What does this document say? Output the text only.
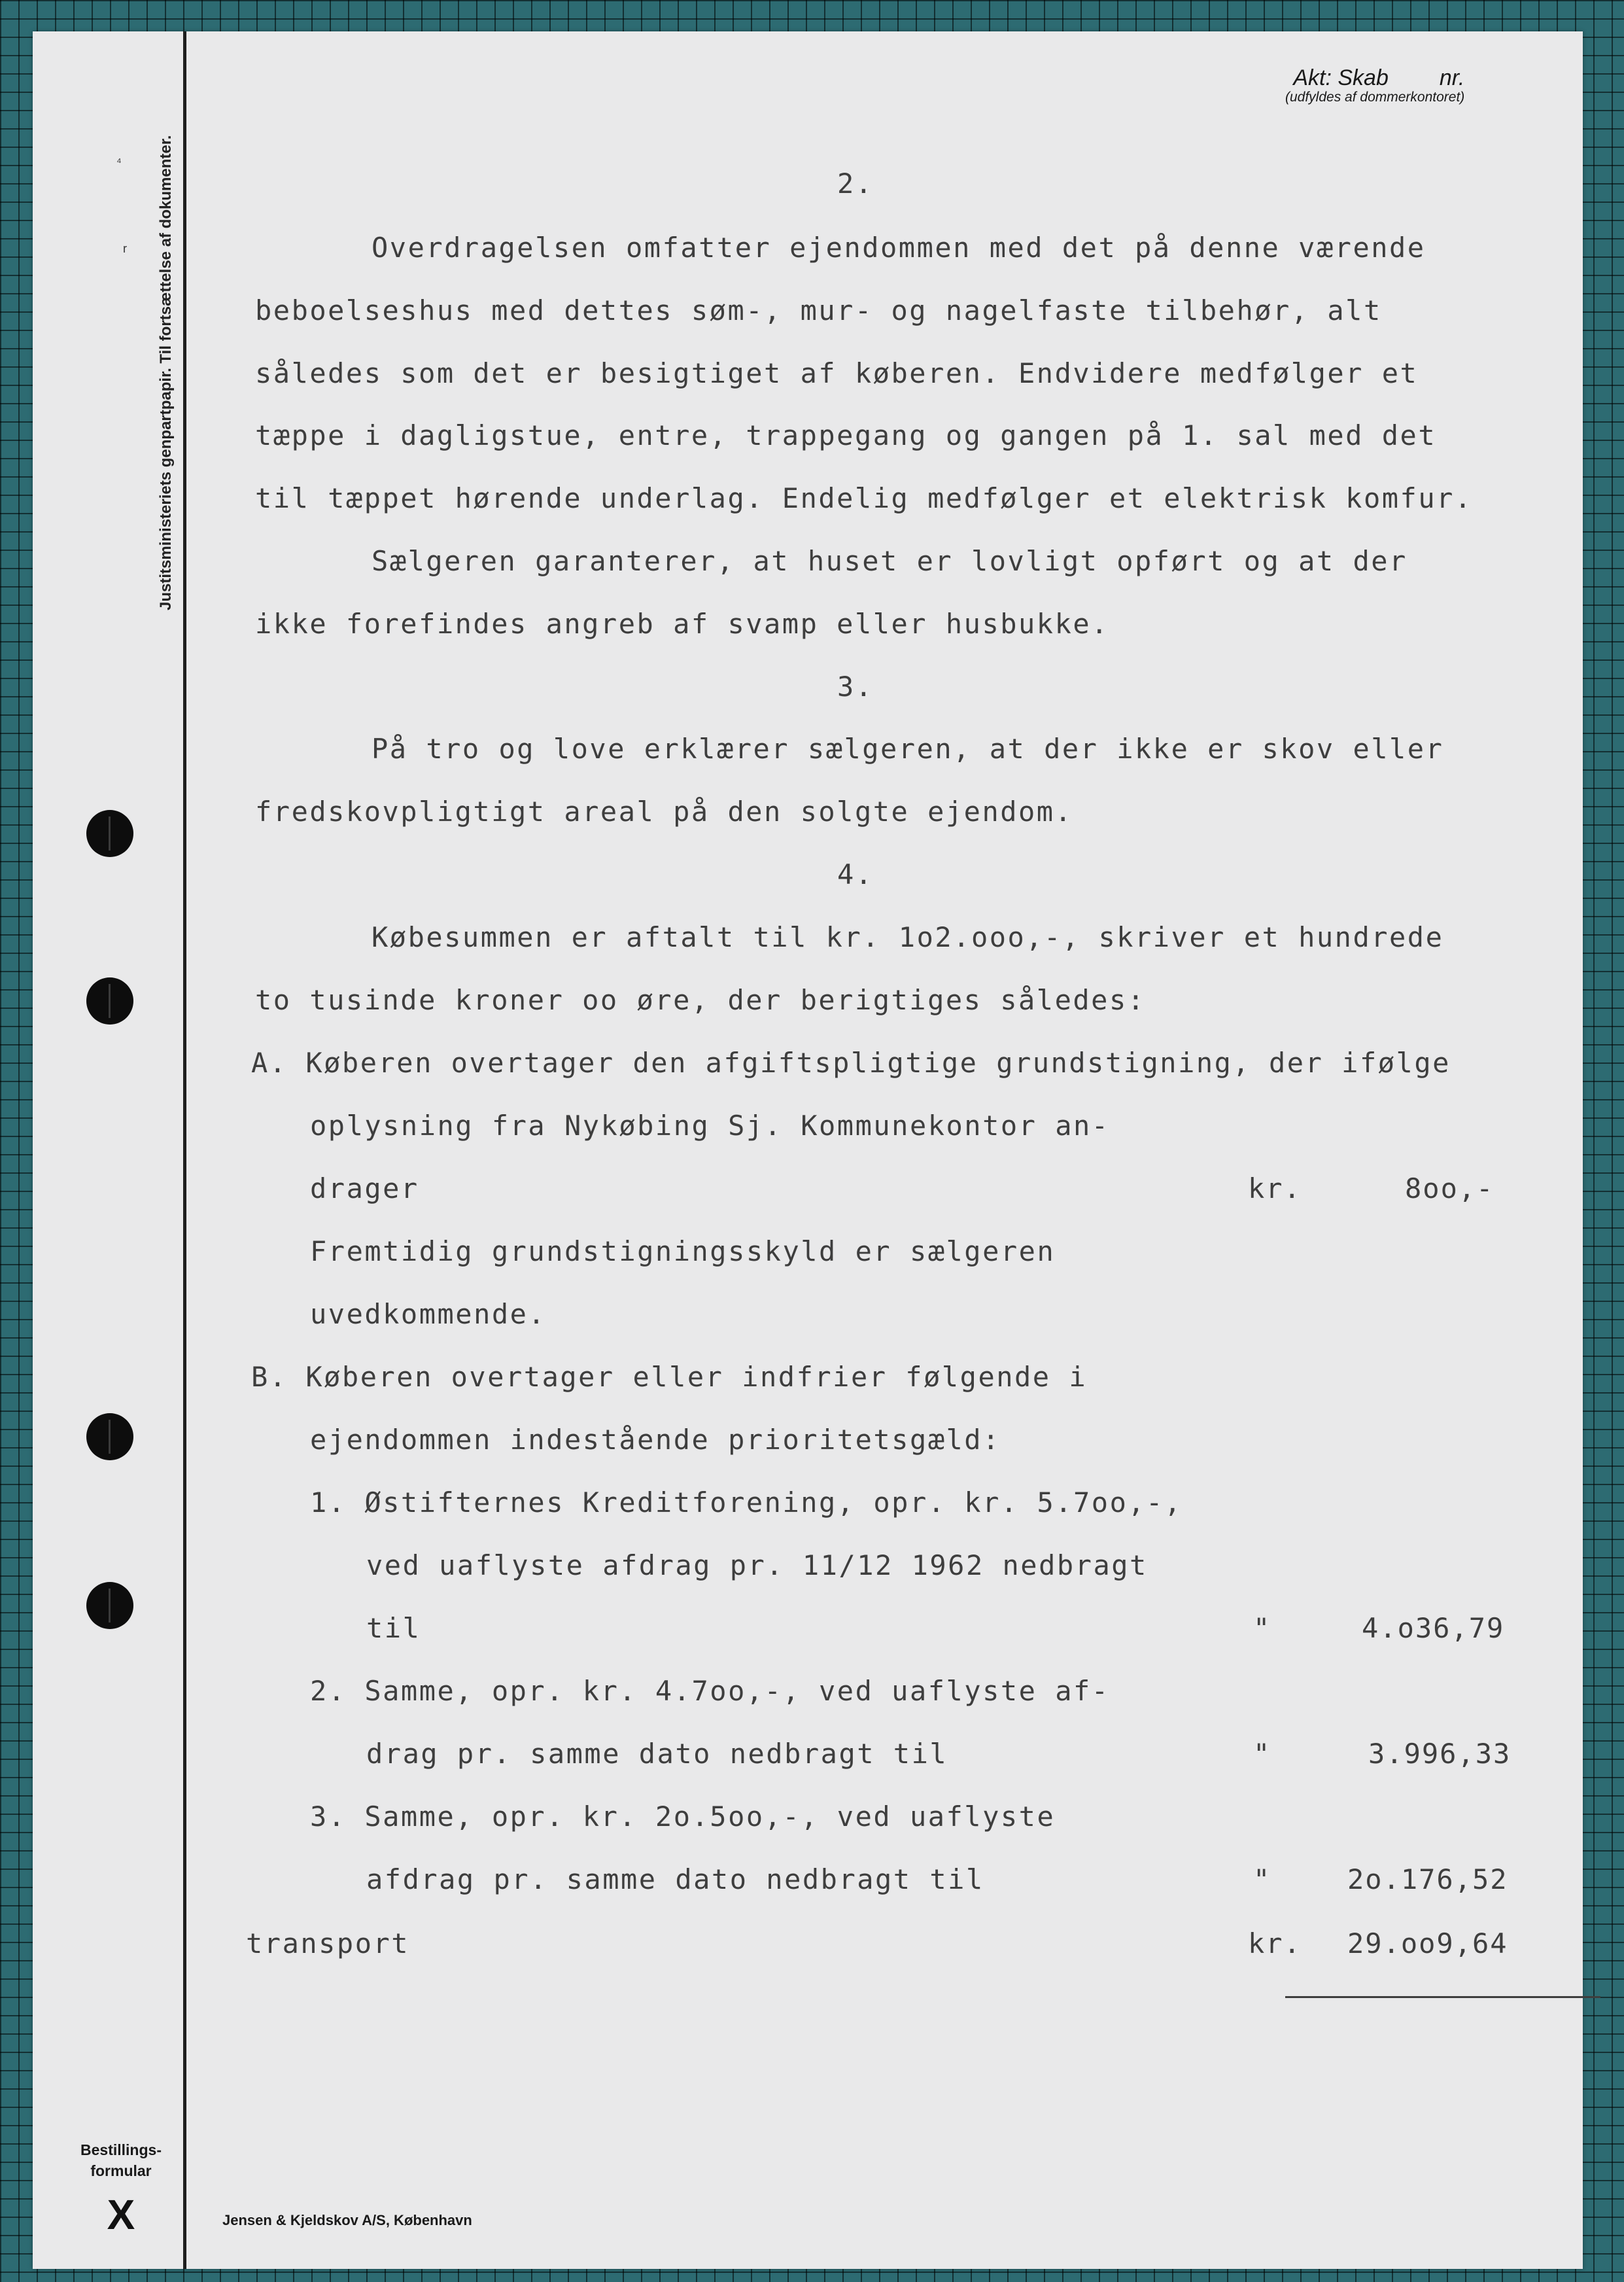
Justitsministeriets genpartpapir. Til fortsættelse af dokumenter.
r
⁴
Akt: Skab nr.
(udfyldes af dommerkontoret)
Bestillings-
formular
X	Jensen & Kjeldskov A/S, København
2.
Overdragelsen omfatter ejendommen med det på denne værende
beboelseshus med dettes søm-, mur- og nagelfaste tilbehør, alt
således som det er besigtiget af køberen. Endvidere medfølger et
tæppe i dagligstue, entre, trappegang og gangen på 1. sal med det
til tæppet hørende underlag. Endelig medfølger et elektrisk komfur.
Sælgeren garanterer, at huset er lovligt opført og at der
ikke forefindes angreb af svamp eller husbukke.
3.
På tro og love erklærer sælgeren, at der ikke er skov eller
fredskovpligtigt areal på den solgte ejendom.
4.
Købesummen er aftalt til kr. 1o2.ooo,-, skriver et hundrede
to tusinde kroner oo øre, der berigtiges således:
A. Køberen overtager den afgiftspligtige grundstigning, der ifølge
oplysning fra Nykøbing Sj. Kommunekontor an-
drager	kr.	8oo,-
Fremtidig grundstigningsskyld er sælgeren
uvedkommende.
B. Køberen overtager eller indfrier følgende i
ejendommen indestående prioritetsgæld:
1. Østifternes Kreditforening, opr. kr. 5.7oo,-,
ved uaflyste afdrag pr. 11/12 1962 nedbragt
til	"	4.o36,79
2. Samme, opr. kr. 4.7oo,-, ved uaflyste af-
drag pr. samme dato nedbragt til	"	3.996,33
3. Samme, opr. kr. 2o.5oo,-, ved uaflyste
afdrag pr. samme dato nedbragt til	"	2o.176,52
transport	kr. 29.oo9,64
